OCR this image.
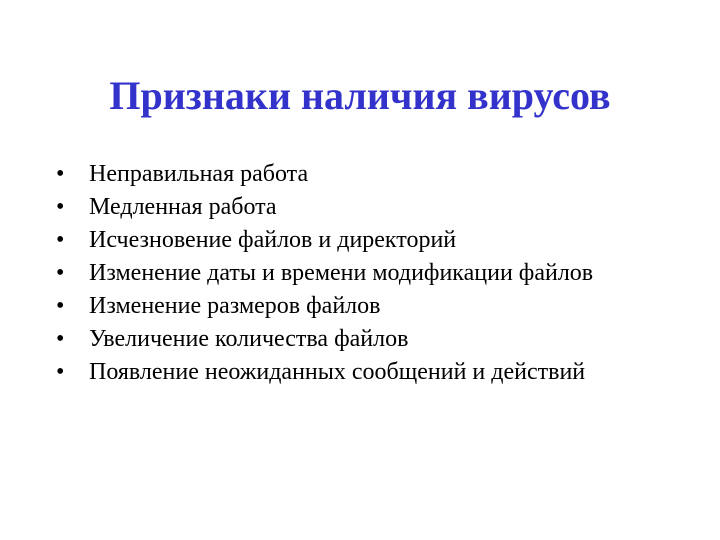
Признаки наличия вирусов
•	Неправильная работа
•	Медленная работа
•	Исчезновение файлов и директорий
•	Изменение даты и времени модификации файлов
•	Изменение размеров файлов
•	Увеличение количества файлов
•	Появление неожиданных сообщений и действий
